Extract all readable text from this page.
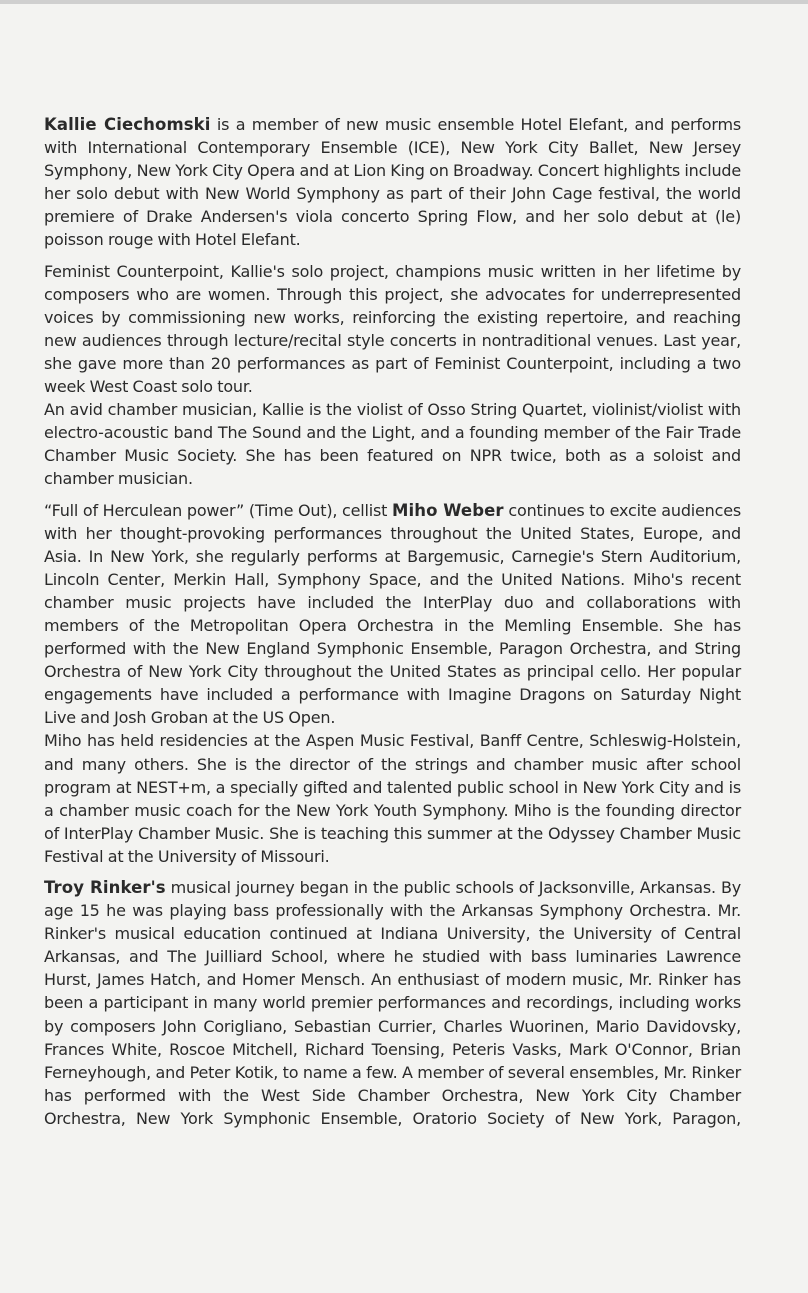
Kallie Ciechomski is a member of new music ensemble Hotel Elefant, and performs with International Contemporary Ensemble (ICE), New York City Ballet, New Jersey Symphony, New York City Opera and at Lion King on Broadway. Concert highlights include her solo debut with New World Symphony as part of their John Cage festival, the world premiere of Drake Andersen's viola concerto Spring Flow, and her solo debut at (le) poisson rouge with Hotel Elefant.

Feminist Counterpoint, Kallie's solo project, champions music written in her lifetime by composers who are women. Through this project, she advocates for underrepresented voices by commissioning new works, reinforcing the existing repertoire, and reaching new audiences through lecture/recital style concerts in nontraditional venues. Last year, she gave more than 20 performances as part of Feminist Counterpoint, including a two week West Coast solo tour.

An avid chamber musician, Kallie is the violist of Osso String Quartet, violinist/violist with electro-acoustic band The Sound and the Light, and a founding member of the Fair Trade Chamber Music Society. She has been featured on NPR twice, both as a soloist and chamber musician.

“Full of Herculean power” (Time Out), cellist Miho Weber continues to excite audiences with her thought-provoking performances throughout the United States, Europe, and Asia. In New York, she regularly performs at Bargemusic, Carnegie's Stern Auditorium, Lincoln Center, Merkin Hall, Symphony Space, and the United Nations. Miho's recent chamber music projects have included the InterPlay duo and collaborations with members of the Metropolitan Opera Orchestra in the Memling Ensemble. She has performed with the New England Symphonic Ensemble, Paragon Orchestra, and String Orchestra of New York City throughout the United States as principal cello. Her popular engagements have included a performance with Imagine Dragons on Saturday Night Live and Josh Groban at the US Open.

Miho has held residencies at the Aspen Music Festival, Banff Centre, Schleswig-Holstein, and many others. She is the director of the strings and chamber music after school program at NEST+m, a specially gifted and talented public school in New York City and is a chamber music coach for the New York Youth Symphony. Miho is the founding director of InterPlay Chamber Music. She is teaching this summer at the Odyssey Chamber Music Festival at the University of Missouri.

Troy Rinker's musical journey began in the public schools of Jacksonville, Arkansas. By age 15 he was playing bass professionally with the Arkansas Symphony Orchestra. Mr. Rinker's musical education continued at Indiana University, the University of Central Arkansas, and The Juilliard School, where he studied with bass luminaries Lawrence Hurst, James Hatch, and Homer Mensch. An enthusiast of modern music, Mr. Rinker has been a participant in many world premier performances and recordings, including works by composers John Corigliano, Sebastian Currier, Charles Wuorinen, Mario Davidovsky, Frances White, Roscoe Mitchell, Richard Toensing, Peteris Vasks, Mark O'Connor, Brian Ferneyhough, and Peter Kotik, to name a few. A member of several ensembles, Mr. Rinker has performed with the West Side Chamber Orchestra, New York City Chamber Orchestra, New York Symphonic Ensemble, Oratorio Society of New York, Paragon,
